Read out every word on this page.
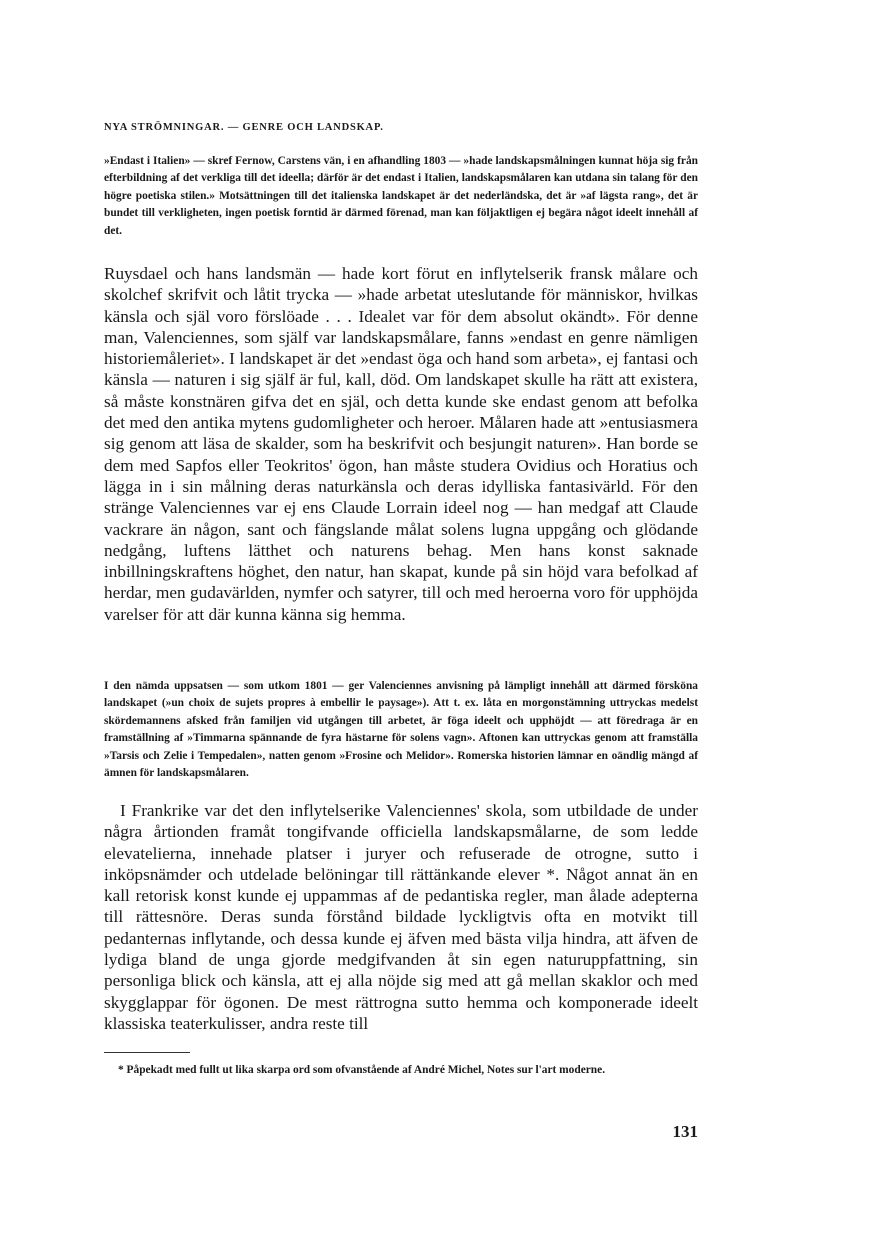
NYA STRÖMNINGAR. — GENRE OCH LANDSKAP.

»Endast i Italien» — skref Fernow, Carstens vän, i en afhandling 1803 — »hade landskapsmålningen kunnat höja sig från efterbildning af det verkliga till det ideella; därför är det endast i Italien, landskapsmålaren kan utdana sin talang för den högre poetiska stilen.» Motsättningen till det italienska landskapet är det nederländska, det är »af lägsta rang», det är bundet till verkligheten, ingen poetisk forntid är därmed förenad, man kan följaktligen ej begära något ideelt innehåll af det.

Ruysdael och hans landsmän — hade kort förut en inflytelserik fransk målare och skolchef skrifvit och låtit trycka — »hade arbetat uteslutande för människor, hvilkas känsla och själ voro förslöade . . . Idealet var för dem absolut okändt». För denne man, Valenciennes, som själf var landskapsmålare, fanns »endast en genre nämligen historiemåleriet». I landskapet är det »endast öga och hand som arbeta», ej fantasi och känsla — naturen i sig själf är ful, kall, död. Om landskapet skulle ha rätt att existera, så måste konstnären gifva det en själ, och detta kunde ske endast genom att befolka det med den antika mytens gudomligheter och heroer. Målaren hade att »entusiasmera sig genom att läsa de skalder, som ha beskrifvit och besjungit naturen». Han borde se dem med Sapfos eller Teokritos' ögon, han måste studera Ovidius och Horatius och lägga in i sin målning deras naturkänsla och deras idylliska fantasivärld. För den stränge Valenciennes var ej ens Claude Lorrain ideel nog — han medgaf att Claude vackrare än någon, sant och fängslande målat solens lugna uppgång och glödande nedgång, luftens lätthet och naturens behag. Men hans konst saknade inbillningskraftens höghet, den natur, han skapat, kunde på sin höjd vara befolkad af herdar, men gudavärlden, nymfer och satyrer, till och med heroerna voro för upphöjda varelser för att där kunna känna sig hemma.

I den nämda uppsatsen — som utkom 1801 — ger Valenciennes anvisning på lämpligt innehåll att därmed försköna landskapet (»un choix de sujets propres à embellir le paysage»). Att t. ex. låta en morgonstämning uttryckas medelst skördemannens afsked från familjen vid utgången till arbetet, är föga ideelt och upphöjdt — att föredraga är en framställning af »Timmarna spännande de fyra hästarne för solens vagn». Aftonen kan uttryckas genom att framställa »Tarsis och Zelie i Tempedalen», natten genom »Frosine och Melidor». Romerska historien lämnar en oändlig mängd af ämnen för landskapsmålaren.

I Frankrike var det den inflytelserike Valenciennes' skola, som utbildade de under några årtionden framåt tongifvande officiella landskapsmålarne, de som ledde elevatelierna, innehade platser i juryer och refuserade de otrogne, sutto i inköpsnämder och utdelade belöningar till rättänkande elever *. Något annat än en kall retorisk konst kunde ej uppammas af de pedantiska regler, man ålade adepterna till rättesnöre. Deras sunda förstånd bildade lyckligtvis ofta en motvikt till pedanternas inflytande, och dessa kunde ej äfven med bästa vilja hindra, att äfven de lydiga bland de unga gjorde medgifvanden åt sin egen naturuppfattning, sin personliga blick och känsla, att ej alla nöjde sig med att gå mellan skaklor och med skygglappar för ögonen. De mest rättrogna sutto hemma och komponerade ideelt klassiska teaterkulisser, andra reste till

* Påpekadt med fullt ut lika skarpa ord som ofvanstående af André Michel, Notes sur l'art moderne.

131
